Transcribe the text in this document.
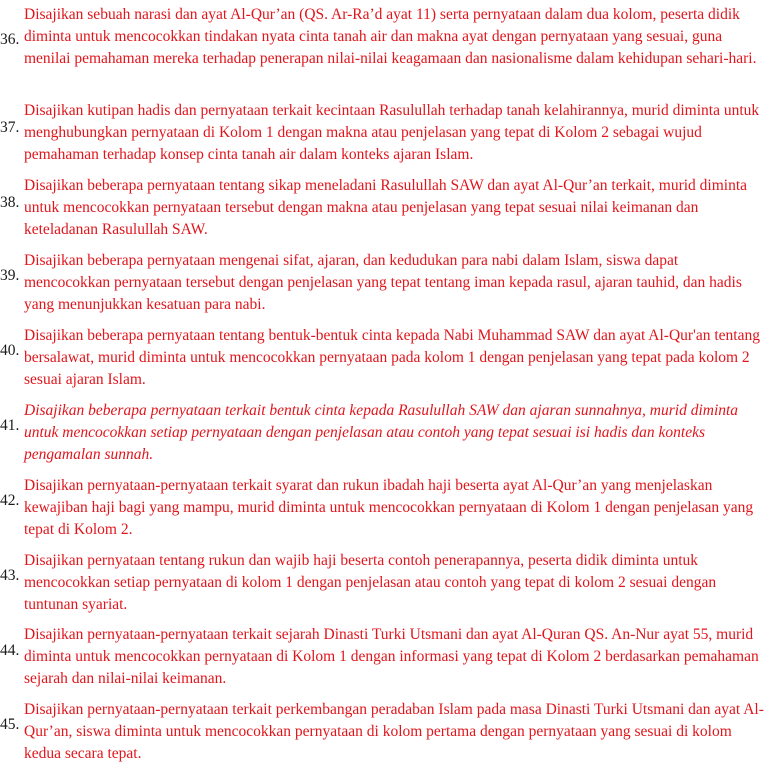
36.

Disajikan sebuah narasi dan ayat Al-Qur’an (QS. Ar-Ra’d ayat 11) serta pernyataan dalam dua kolom, peserta didik diminta untuk mencocokkan tindakan nyata cinta tanah air dan makna ayat dengan pernyataan yang sesuai, guna menilai pemahaman mereka terhadap penerapan nilai-nilai keagamaan dan nasionalisme dalam kehidupan sehari-hari.

37.

Disajikan kutipan hadis dan pernyataan terkait kecintaan Rasulullah terhadap tanah kelahirannya, murid diminta untuk menghubungkan pernyataan di Kolom 1 dengan makna atau penjelasan yang tepat di Kolom 2 sebagai wujud pemahaman terhadap konsep cinta tanah air dalam konteks ajaran Islam.

38.

Disajikan beberapa pernyataan tentang sikap meneladani Rasulullah SAW dan ayat Al-Qur’an terkait, murid diminta untuk mencocokkan pernyataan tersebut dengan makna atau penjelasan yang tepat sesuai nilai keimanan dan keteladanan Rasulullah SAW.

39.

Disajikan beberapa pernyataan mengenai sifat, ajaran, dan kedudukan para nabi dalam Islam, siswa dapat mencocokkan pernyataan tersebut dengan penjelasan yang tepat tentang iman kepada rasul, ajaran tauhid, dan hadis yang menunjukkan kesatuan para nabi.

40.

Disajikan beberapa pernyataan tentang bentuk-bentuk cinta kepada Nabi Muhammad SAW dan ayat Al-Qur'an tentang bersalawat, murid diminta untuk mencocokkan pernyataan pada kolom 1 dengan penjelasan yang tepat pada kolom 2 sesuai ajaran Islam.

41.

Disajikan beberapa pernyataan terkait bentuk cinta kepada Rasulullah SAW dan ajaran sunnahnya, murid diminta untuk mencocokkan setiap pernyataan dengan penjelasan atau contoh yang tepat sesuai isi hadis dan konteks pengamalan sunnah.

42.

Disajikan pernyataan-pernyataan terkait syarat dan rukun ibadah haji beserta ayat Al-Qur’an yang menjelaskan kewajiban haji bagi yang mampu, murid diminta untuk mencocokkan pernyataan di Kolom 1 dengan penjelasan yang tepat di Kolom 2.

43.

Disajikan pernyataan tentang rukun dan wajib haji beserta contoh penerapannya, peserta didik diminta untuk mencocokkan setiap pernyataan di kolom 1 dengan penjelasan atau contoh yang tepat di kolom 2 sesuai dengan tuntunan syariat.

44.

Disajikan pernyataan-pernyataan terkait sejarah Dinasti Turki Utsmani dan ayat Al-Quran QS. An-Nur ayat 55, murid diminta untuk mencocokkan pernyataan di Kolom 1 dengan informasi yang tepat di Kolom 2 berdasarkan pemahaman sejarah dan nilai-nilai keimanan.

45.

Disajikan pernyataan-pernyataan terkait perkembangan peradaban Islam pada masa Dinasti Turki Utsmani dan ayat Al-Qur’an, siswa diminta untuk mencocokkan pernyataan di kolom pertama dengan pernyataan yang sesuai di kolom kedua secara tepat.
